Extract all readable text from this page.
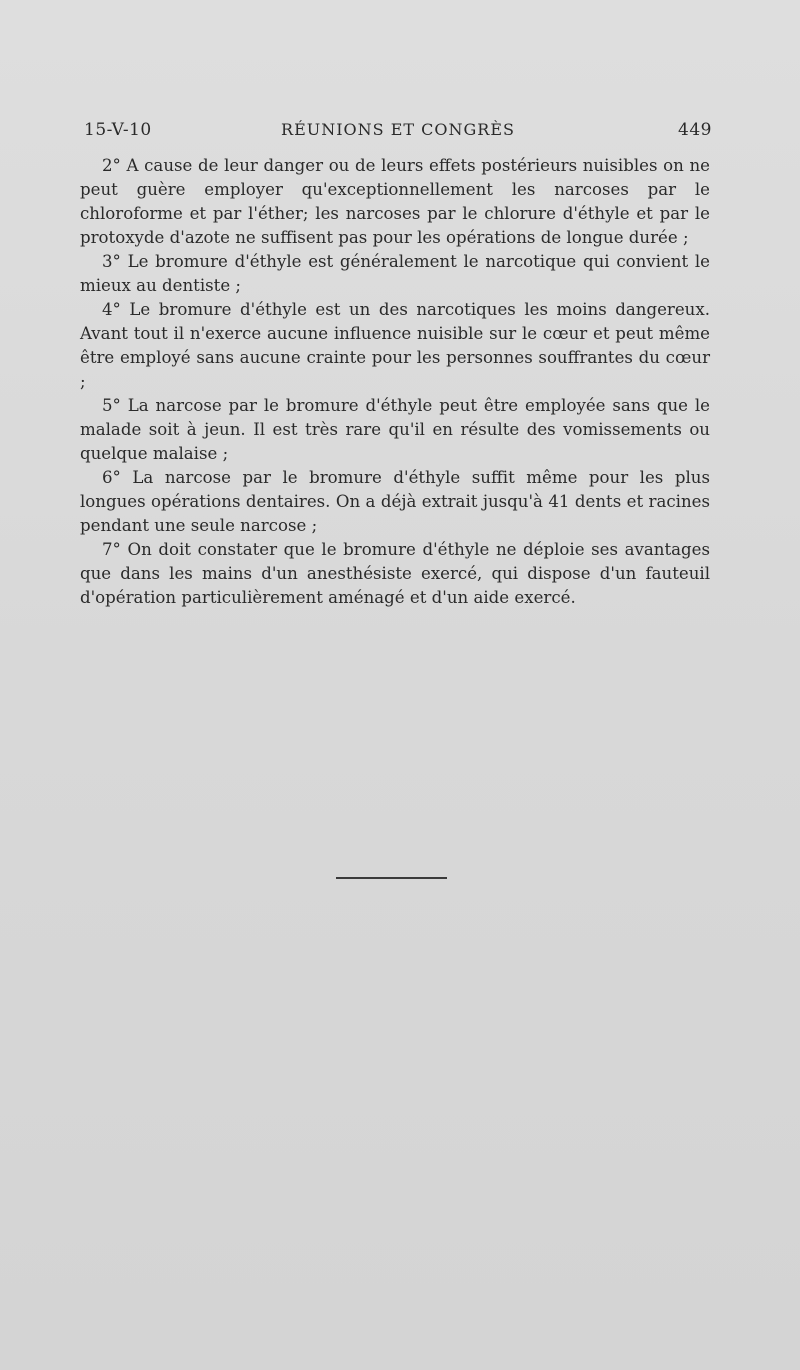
15-V-10	RÉUNIONS ET CONGRÈS	449

2° A cause de leur danger ou de leurs effets postérieurs nuisibles on ne peut guère employer qu'exceptionnellement les narcoses par le chloroforme et par l'éther; les narcoses par le chlorure d'éthyle et par le protoxyde d'azote ne suffisent pas pour les opérations de longue durée ;

3° Le bromure d'éthyle est généralement le narcotique qui convient le mieux au dentiste ;

4° Le bromure d'éthyle est un des narcotiques les moins dangereux. Avant tout il n'exerce aucune influence nuisible sur le cœur et peut même être employé sans aucune crainte pour les personnes souffrantes du cœur ;

5° La narcose par le bromure d'éthyle peut être employée sans que le malade soit à jeun. Il est très rare qu'il en résulte des vomissements ou quelque malaise ;

6° La narcose par le bromure d'éthyle suffit même pour les plus longues opérations dentaires. On a déjà extrait jusqu'à 41 dents et racines pendant une seule narcose ;

7° On doit constater que le bromure d'éthyle ne déploie ses avantages que dans les mains d'un anesthésiste exercé, qui dispose d'un fauteuil d'opération particulièrement aménagé et d'un aide exercé.
